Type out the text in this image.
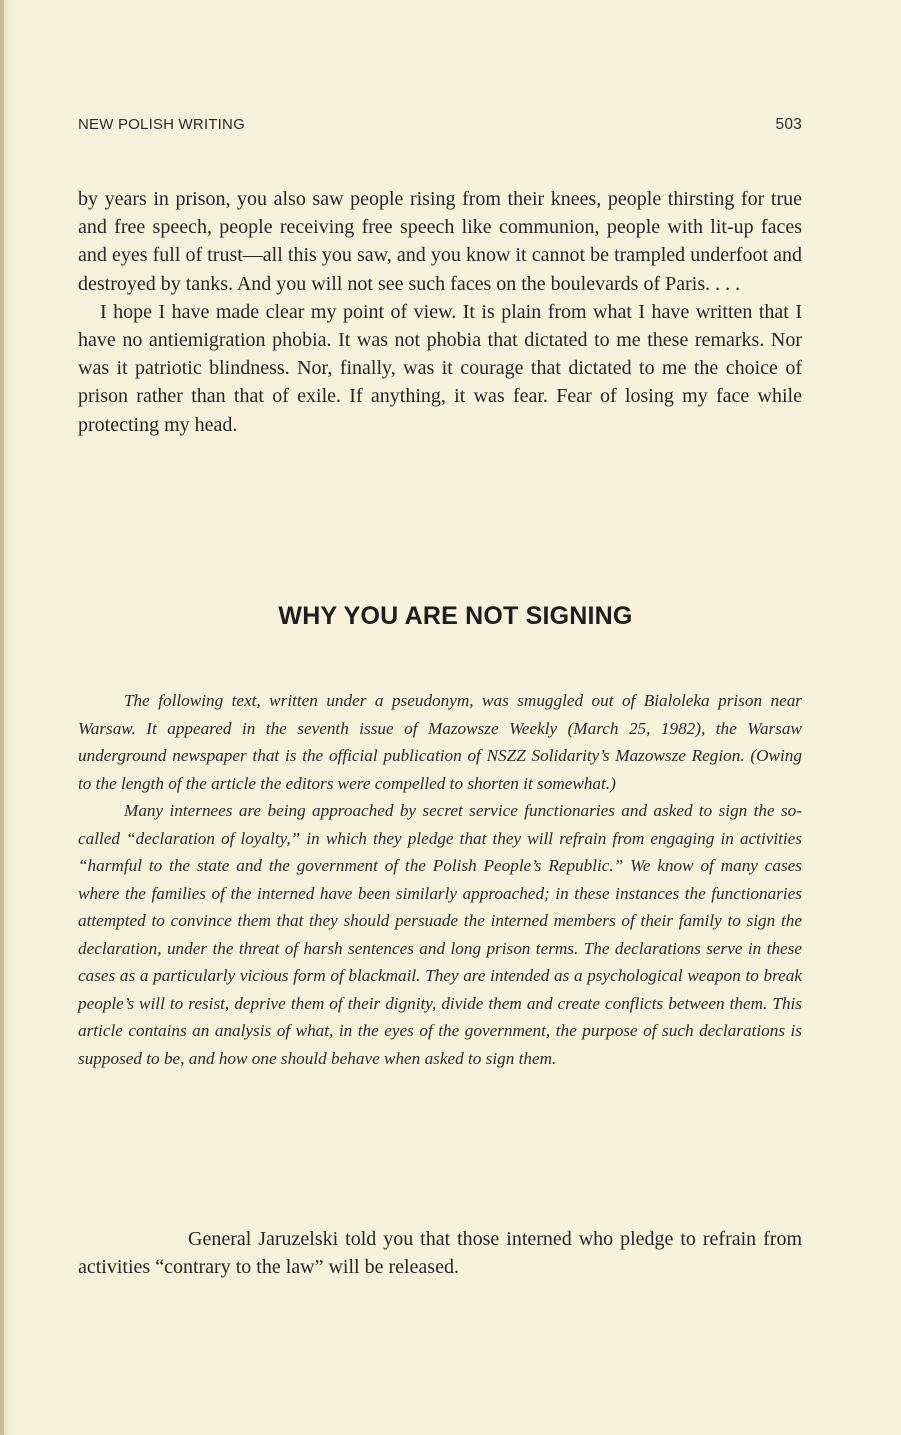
NEW POLISH WRITING	503

by years in prison, you also saw people rising from their knees, people thirsting for true and free speech, people receiving free speech like communion, people with lit-up faces and eyes full of trust—all this you saw, and you know it cannot be trampled underfoot and destroyed by tanks. And you will not see such faces on the boulevards of Paris. . . .

I hope I have made clear my point of view. It is plain from what I have written that I have no antiemigration phobia. It was not phobia that dictated to me these remarks. Nor was it patriotic blindness. Nor, finally, was it courage that dictated to me the choice of prison rather than that of exile. If anything, it was fear. Fear of losing my face while protecting my head.

WHY YOU ARE NOT SIGNING

The following text, written under a pseudonym, was smuggled out of Bialoleka prison near Warsaw. It appeared in the seventh issue of Mazowsze Weekly (March 25, 1982), the Warsaw underground newspaper that is the official publication of NSZZ Solidarity’s Mazowsze Region. (Owing to the length of the article the editors were compelled to shorten it somewhat.)

Many internees are being approached by secret service functionaries and asked to sign the so-called “declaration of loyalty,” in which they pledge that they will refrain from engaging in activities “harmful to the state and the government of the Polish People’s Republic.” We know of many cases where the families of the interned have been similarly approached; in these instances the functionaries attempted to convince them that they should persuade the interned members of their family to sign the declaration, under the threat of harsh sentences and long prison terms. The declarations serve in these cases as a particularly vicious form of blackmail. They are intended as a psychological weapon to break people’s will to resist, deprive them of their dignity, divide them and create conflicts between them. This article contains an analysis of what, in the eyes of the government, the purpose of such declarations is supposed to be, and how one should behave when asked to sign them.

General Jaruzelski told you that those interned who pledge to refrain from activities “contrary to the law” will be released.
